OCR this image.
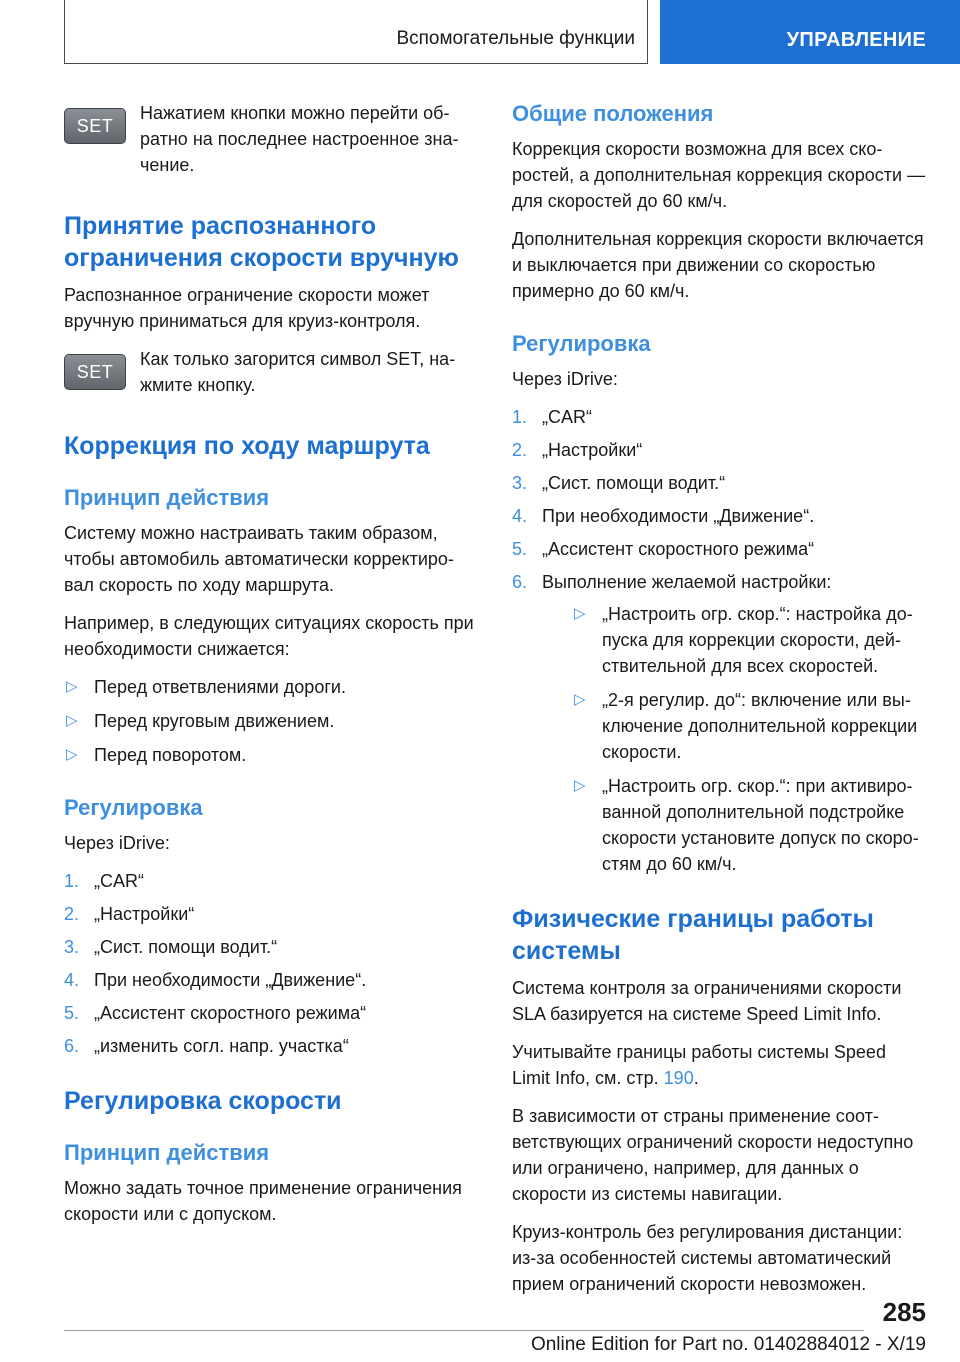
Вспомогательные функции	УПРАВЛЕНИЕ
SET

Нажатием кнопки можно перейти обратно на последнее настроенное значение.

Принятие распознанного ограничения скорости вручную

Распознанное ограничение скорости может вручную приниматься для круиз-контроля.

SET

Как только загорится символ SET, нажмите кнопку.

Коррекция по ходу маршрута
Принцип действия

Систему можно настраивать таким образом, чтобы автомобиль автоматически корректировал скорость по ходу маршрута.

Например, в следующих ситуациях скорость при необходимости снижается:

▷ Перед ответвлениями дороги.
▷ Перед круговым движением.
▷ Перед поворотом.
Регулировка

Через iDrive:

1. „CAR“
2. „Настройки“
3. „Сист. помощи водит.“
4. При необходимости „Движение“.
5. „Ассистент скоростного режима“
6. „изменить согл. напр. участка“
Регулировка скорости
Принцип действия

Можно задать точное применение ограничения скорости или с допуском.

Общие положения

Коррекция скорости возможна для всех скоростей, а дополнительная коррекция скорости — для скоростей до 60 км/ч.

Дополнительная коррекция скорости включается и выключается при движении со скоростью примерно до 60 км/ч.

Регулировка

Через iDrive:

1. „CAR“
2. „Настройки“
3. „Сист. помощи водит.“
4. При необходимости „Движение“.
5. „Ассистент скоростного режима“
6. Выполнение желаемой настройки:
▷ „Настроить огр. скор.“: настройка допуска для коррекции скорости, действительной для всех скоростей.
▷ „2-я регулир. до“: включение или выключение дополнительной коррекции скорости.
▷ „Настроить огр. скор.“: при активированной дополнительной подстройке скорости установите допуск по скоростям до 60 км/ч.
Физические границы работы системы

Система контроля за ограничениями скорости SLA базируется на системе Speed Limit Info.

Учитывайте границы работы системы Speed Limit Info, см. стр. 190.

В зависимости от страны применение соответствующих ограничений скорости недоступно или ограничено, например, для данных о скорости из системы навигации.

Круиз-контроль без регулирования дистанции: из-за особенностей системы автоматический прием ограничений скорости невозможен.

285
Online Edition for Part no. 01402884012 - X/19
